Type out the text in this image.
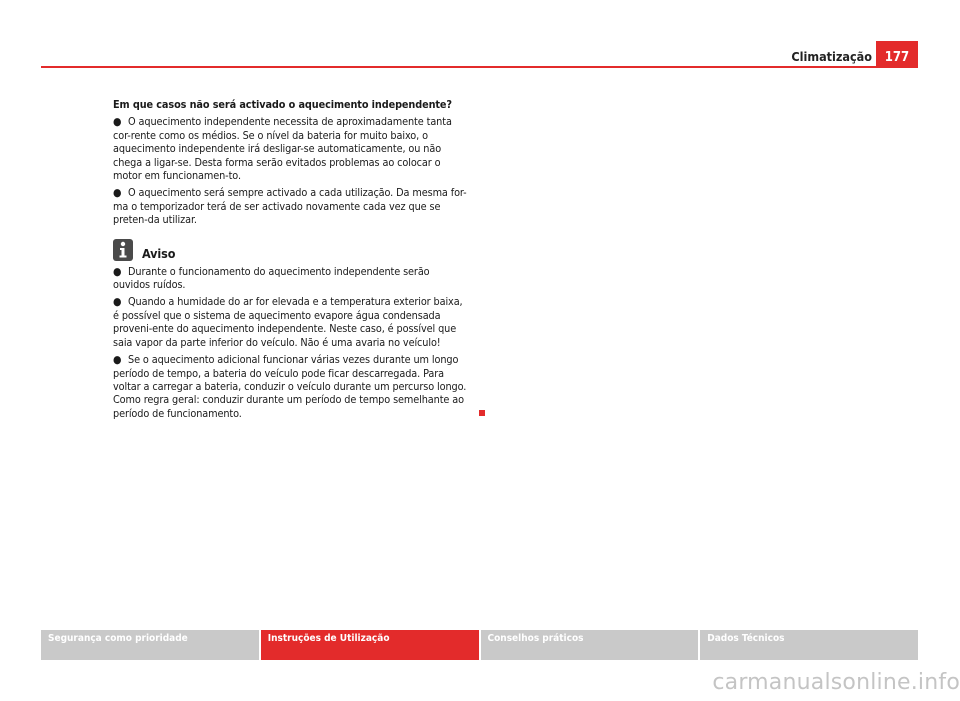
Climatização 177

Em que casos não será activado o aquecimento independente?

● O aquecimento independente necessita de aproximadamente tanta cor-rente como os médios. Se o nível da bateria for muito baixo, o aquecimento independente irá desligar-se automaticamente, ou não chega a ligar-se. Desta forma serão evitados problemas ao colocar o motor em funcionamen-to.

● O aquecimento será sempre activado a cada utilização. Da mesma for-ma o temporizador terá de ser activado novamente cada vez que se preten-da utilizar.

Aviso

● Durante o funcionamento do aquecimento independente serão ouvidos ruídos.

● Quando a humidade do ar for elevada e a temperatura exterior baixa, é possível que o sistema de aquecimento evapore água condensada proveni-ente do aquecimento independente. Neste caso, é possível que saia vapor da parte inferior do veículo. Não é uma avaria no veículo!

● Se o aquecimento adicional funcionar várias vezes durante um longo período de tempo, a bateria do veículo pode ficar descarregada. Para voltar a carregar a bateria, conduzir o veículo durante um percurso longo. Como regra geral: conduzir durante um período de tempo semelhante ao período de funcionamento.

Segurança como prioridade	Instruções de Utilização	Conselhos práticos	Dados Técnicos
carmanualsonline.info
